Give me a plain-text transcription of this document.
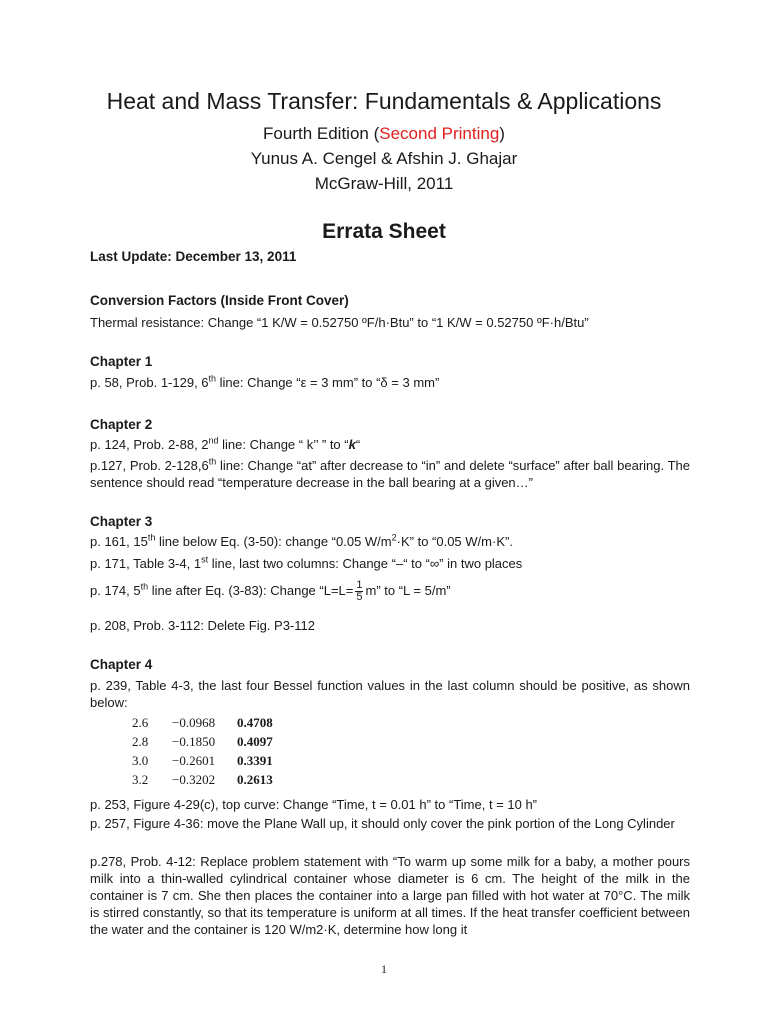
Heat and Mass Transfer: Fundamentals & Applications
Fourth Edition (Second Printing)
Yunus A. Cengel & Afshin J. Ghajar
McGraw-Hill, 2011
Errata Sheet
Last Update: December 13, 2011
Conversion Factors (Inside Front Cover)
Thermal resistance: Change “1 K/W = 0.52750 ºF/h·Btu” to “1 K/W = 0.52750 ºF·h/Btu”
Chapter 1
p. 58, Prob. 1-129, 6th line: Change “ε = 3 mm” to “δ = 3 mm”
Chapter 2
p. 124, Prob. 2-88, 2nd line: Change “ k’’ ” to “k“
p.127, Prob. 2-128,6th line: Change “at” after decrease to “in” and delete “surface” after ball bearing. The sentence should read “temperature decrease in the ball bearing at a given…”
Chapter 3
p. 161, 15th line below Eq. (3-50): change “0.05 $W/m^2\cdot K$” to “0.05 W/m·K”.
p. 171, Table 3-4, 1st line, last two columns: Change “–“ to “∞” in two places
p. 174, 5th line after Eq. (3-83): Change “$L=L= \frac{1}{5} m$” to “L = 5/m”
p. 208, Prob. 3-112: Delete Fig. P3-112
Chapter 4
p. 239, Table 4-3, the last four Bessel function values in the last column should be positive, as shown below:
2.6	−0.0968	0.4708
2.8	−0.1850	0.4097
3.0	−0.2601	0.3391
3.2	−0.3202	0.2613
p. 253, Figure 4-29(c), top curve: Change “Time, t = 0.01 h” to “Time, t = 10 h”
p. 257, Figure 4-36: move the Plane Wall up, it should only cover the pink portion of the Long Cylinder
p.278, Prob. 4-12: Replace problem statement with “To warm up some milk for a baby, a mother pours milk into a thin-walled cylindrical container whose diameter is 6 cm. The height of the milk in the container is 7 cm. She then places the container into a large pan filled with hot water at 70°C. The milk is stirred constantly, so that its temperature is uniform at all times. If the heat transfer coefficient between the water and the container is 120 W/m2·K, determine how long it
1
